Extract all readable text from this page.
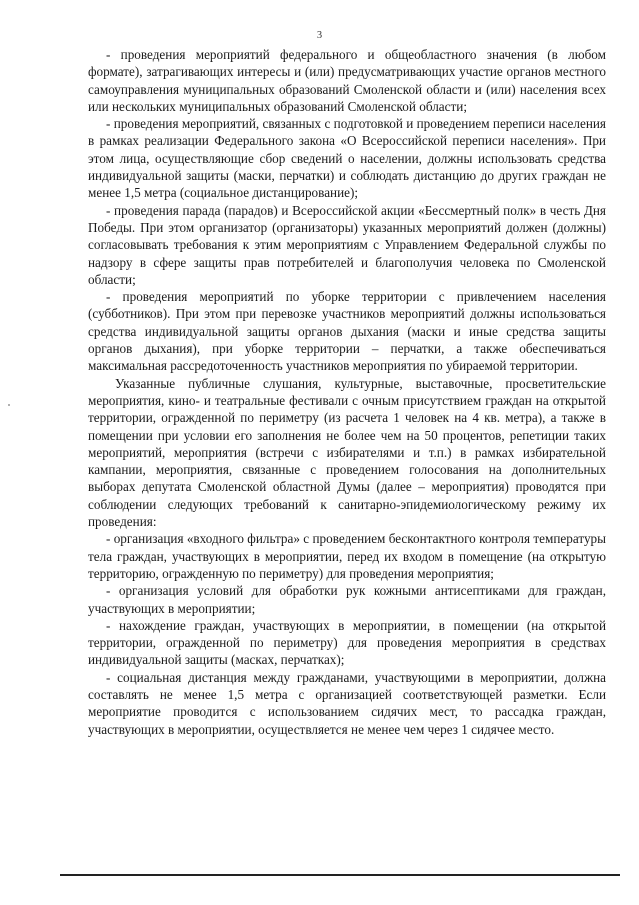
3

- проведения мероприятий федерального и общеобластного значения (в любом формате), затрагивающих интересы и (или) предусматривающих участие органов местного самоуправления муниципальных образований Смоленской области и (или) населения всех или нескольких муниципальных образований Смоленской области;

- проведения мероприятий, связанных с подготовкой и проведением переписи населения в рамках реализации Федерального закона «О Всероссийской переписи населения». При этом лица, осуществляющие сбор сведений о населении, должны использовать средства индивидуальной защиты (маски, перчатки) и соблюдать дистанцию до других граждан не менее 1,5 метра (социальное дистанцирование);

- проведения парада (парадов) и Всероссийской акции «Бессмертный полк» в честь Дня Победы. При этом организатор (организаторы) указанных мероприятий должен (должны) согласовывать требования к этим мероприятиям с Управлением Федеральной службы по надзору в сфере защиты прав потребителей и благополучия человека по Смоленской области;

- проведения мероприятий по уборке территории с привлечением населения (субботников). При этом при перевозке участников мероприятий должны использоваться средства индивидуальной защиты органов дыхания (маски и иные средства защиты органов дыхания), при уборке территории – перчатки, а также обеспечиваться максимальная рассредоточенность участников мероприятия по убираемой территории.

Указанные публичные слушания, культурные, выставочные, просветительские мероприятия, кино- и театральные фестивали с очным присутствием граждан на открытой территории, огражденной по периметру (из расчета 1 человек на 4 кв. метра), а также в помещении при условии его заполнения не более чем на 50 процентов, репетиции таких мероприятий, мероприятия (встречи с избирателями и т.п.) в рамках избирательной кампании, мероприятия, связанные с проведением голосования на дополнительных выборах депутата Смоленской областной Думы (далее – мероприятия) проводятся при соблюдении следующих требований к санитарно-эпидемиологическому режиму их проведения:

- организация «входного фильтра» с проведением бесконтактного контроля температуры тела граждан, участвующих в мероприятии, перед их входом в помещение (на открытую территорию, огражденную по периметру) для проведения мероприятия;

- организация условий для обработки рук кожными антисептиками для граждан, участвующих в мероприятии;

- нахождение граждан, участвующих в мероприятии, в помещении (на открытой территории, огражденной по периметру) для проведения мероприятия в средствах индивидуальной защиты (масках, перчатках);

- социальная дистанция между гражданами, участвующими в мероприятии, должна составлять не менее 1,5 метра с организацией соответствующей разметки. Если мероприятие проводится с использованием сидячих мест, то рассадка граждан, участвующих в мероприятии, осуществляется не менее чем через 1 сидячее место.
